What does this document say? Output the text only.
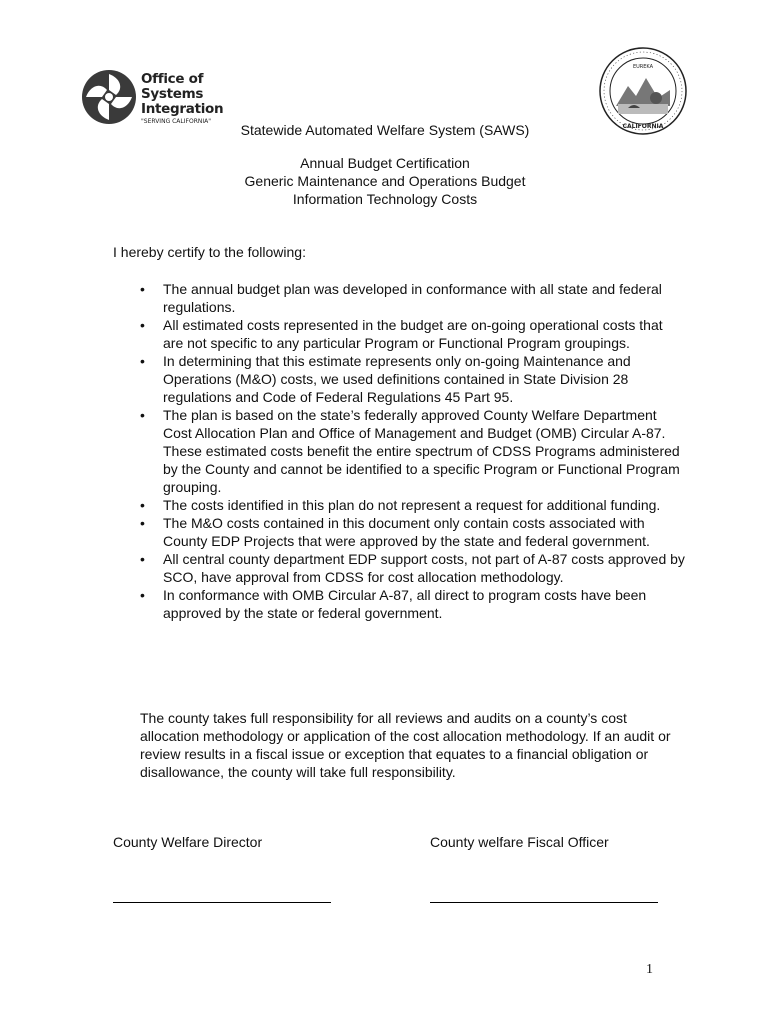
Office of
Systems
Integration
"SERVING CALIFORNIA"
EUREKA
CALIFORNIA
Statewide Automated Welfare System (SAWS)
Annual Budget Certification
Generic Maintenance and Operations Budget
Information Technology Costs
I hereby certify to the following:
• The annual budget plan was developed in conformance with all state and federal regulations.
• All estimated costs represented in the budget are on-going operational costs that are not specific to any particular Program or Functional Program groupings.
• In determining that this estimate represents only on-going Maintenance and Operations (M&O) costs, we used definitions contained in State Division 28 regulations and Code of Federal Regulations 45 Part 95.
• The plan is based on the state’s federally approved County Welfare Department Cost Allocation Plan and Office of Management and Budget (OMB) Circular A-87. These estimated costs benefit the entire spectrum of CDSS Programs administered by the County and cannot be identified to a specific Program or Functional Program grouping.
• The costs identified in this plan do not represent a request for additional funding.
• The M&O costs contained in this document only contain costs associated with County EDP Projects that were approved by the state and federal government.
• All central county department EDP support costs, not part of A-87 costs approved by SCO, have approval from CDSS for cost allocation methodology.
• In conformance with OMB Circular A-87, all direct to program costs have been approved by the state or federal government.
The county takes full responsibility for all reviews and audits on a county’s cost allocation methodology or application of the cost allocation methodology. If an audit or review results in a fiscal issue or exception that equates to a financial obligation or disallowance, the county will take full responsibility.
County Welfare Director	County welfare Fiscal Officer
1
